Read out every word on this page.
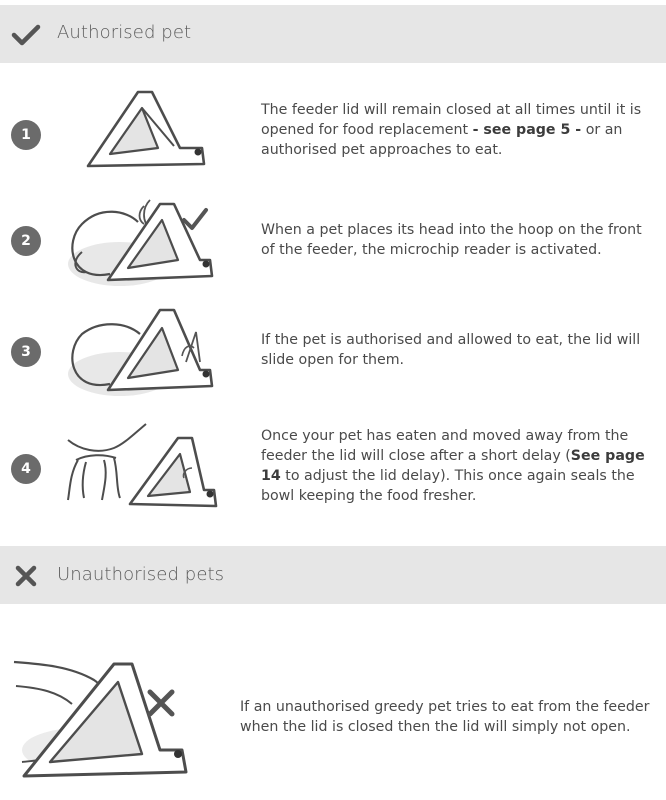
Authorised pet
1
The feeder lid will remain closed at all times until it is opened for food replacement - see page 5 - or an authorised pet approaches to eat.
2
When a pet places its head into the hoop on the front of the feeder, the microchip reader is activated.
3
If the pet is authorised and allowed to eat, the lid will slide open for them.
4
Once your pet has eaten and moved away from the feeder the lid will close after a short delay (See page 14 to adjust the lid delay). This once again seals the bowl keeping the food fresher.
Unauthorised pets
If an unauthorised greedy pet tries to eat from the feeder when the lid is closed then the lid will simply not open.
